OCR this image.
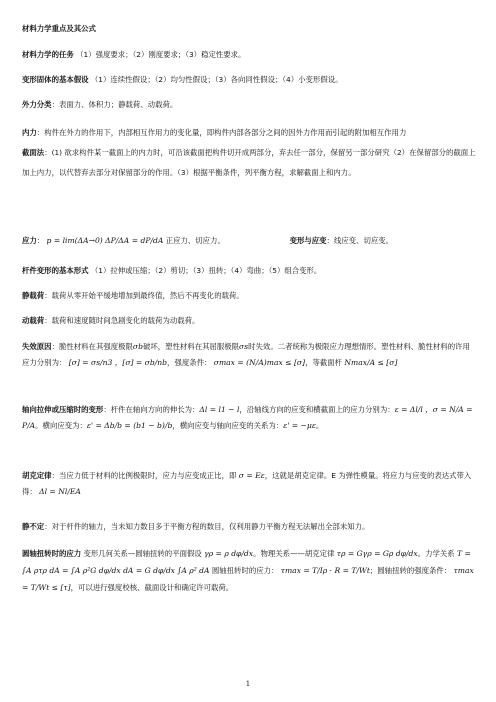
材料力学重点及其公式
材料力学的任务 （1）强度要求；（2）刚度要求；（3）稳定性要求。
变形固体的基本假设 （1）连续性假设；（2）均匀性假设；（3）各向同性假设；（4）小变形假设。
外力分类：表面力、体积力；静载荷、动载荷。
内力：构件在外力的作用下，内部相互作用力的变化量，即构件内部各部分之间的因外力作用而引起的附加相互作用力
截面法：(1) 欲求构件某一截面上的内力时，可沿该截面把构件切开成两部分，弃去任一部分，保留另一部分研究（2）在保留部分的截面上加上内力，以代替弃去部分对保留部分的作用。（3）根据平衡条件，列平衡方程，求解截面上和内力。
应力： p = lim(ΔA→0) ΔP/ΔA = dP/dA 正应力、切应力。	变形与应变：线应变、切应变。
杆件变形的基本形式 （1）拉伸或压缩；（2）剪切；（3）扭转；（4）弯曲；（5）组合变形。
静载荷：载荷从零开始平缓地增加到最终值，然后不再变化的载荷。
动载荷：载荷和速度随时间急剧变化的载荷为动载荷。
失效原因：脆性材料在其强度极限σb破坏，塑性材料在其屈服极限σs时失效。二者统称为极限应力理想情形。塑性材料、脆性材料的许用应力分别为： [σ] = σs/n3 ，[σ] = σb/nb，强度条件： σmax = (N/A)max ≤ [σ]，等截面杆 Nmax/A ≤ [σ]
轴向拉伸或压缩时的变形：杆件在轴向方向的伸长为：Δl = l1 − l，沿轴线方向的应变和横截面上的应力分别为：ε = Δl/l ，σ = N/A = P/A。横向应变为：ε' = Δb/b = (b1 − b)/b，横向应变与轴向应变的关系为：ε' = −με。
胡克定律：当应力低于材料的比例极限时，应力与应变成正比，即 σ = Eε，这就是胡克定律。E 为弹性模量。将应力与应变的表达式带入得： Δl = Nl/EA
静不定：对于杆件的轴力，当未知力数目多于平衡方程的数目，仅利用静力平衡方程无法解出全部未知力。
圆轴扭转时的应力 变形几何关系—圆轴扭转的平面假设 γρ = ρ dφ/dx。物理关系——胡克定律 τρ = Gγρ = Gρ dφ/dx。力学关系 T = ∫A ρτρ dA = ∫A ρ²G dφ/dx dA = G dφ/dx ∫A ρ² dA 圆轴扭转时的应力： τmax = T/Iρ · R = T/Wt；圆轴扭转的强度条件： τmax = T/Wt ≤ [τ]，可以进行强度校核、截面设计和确定许可载荷。
1
